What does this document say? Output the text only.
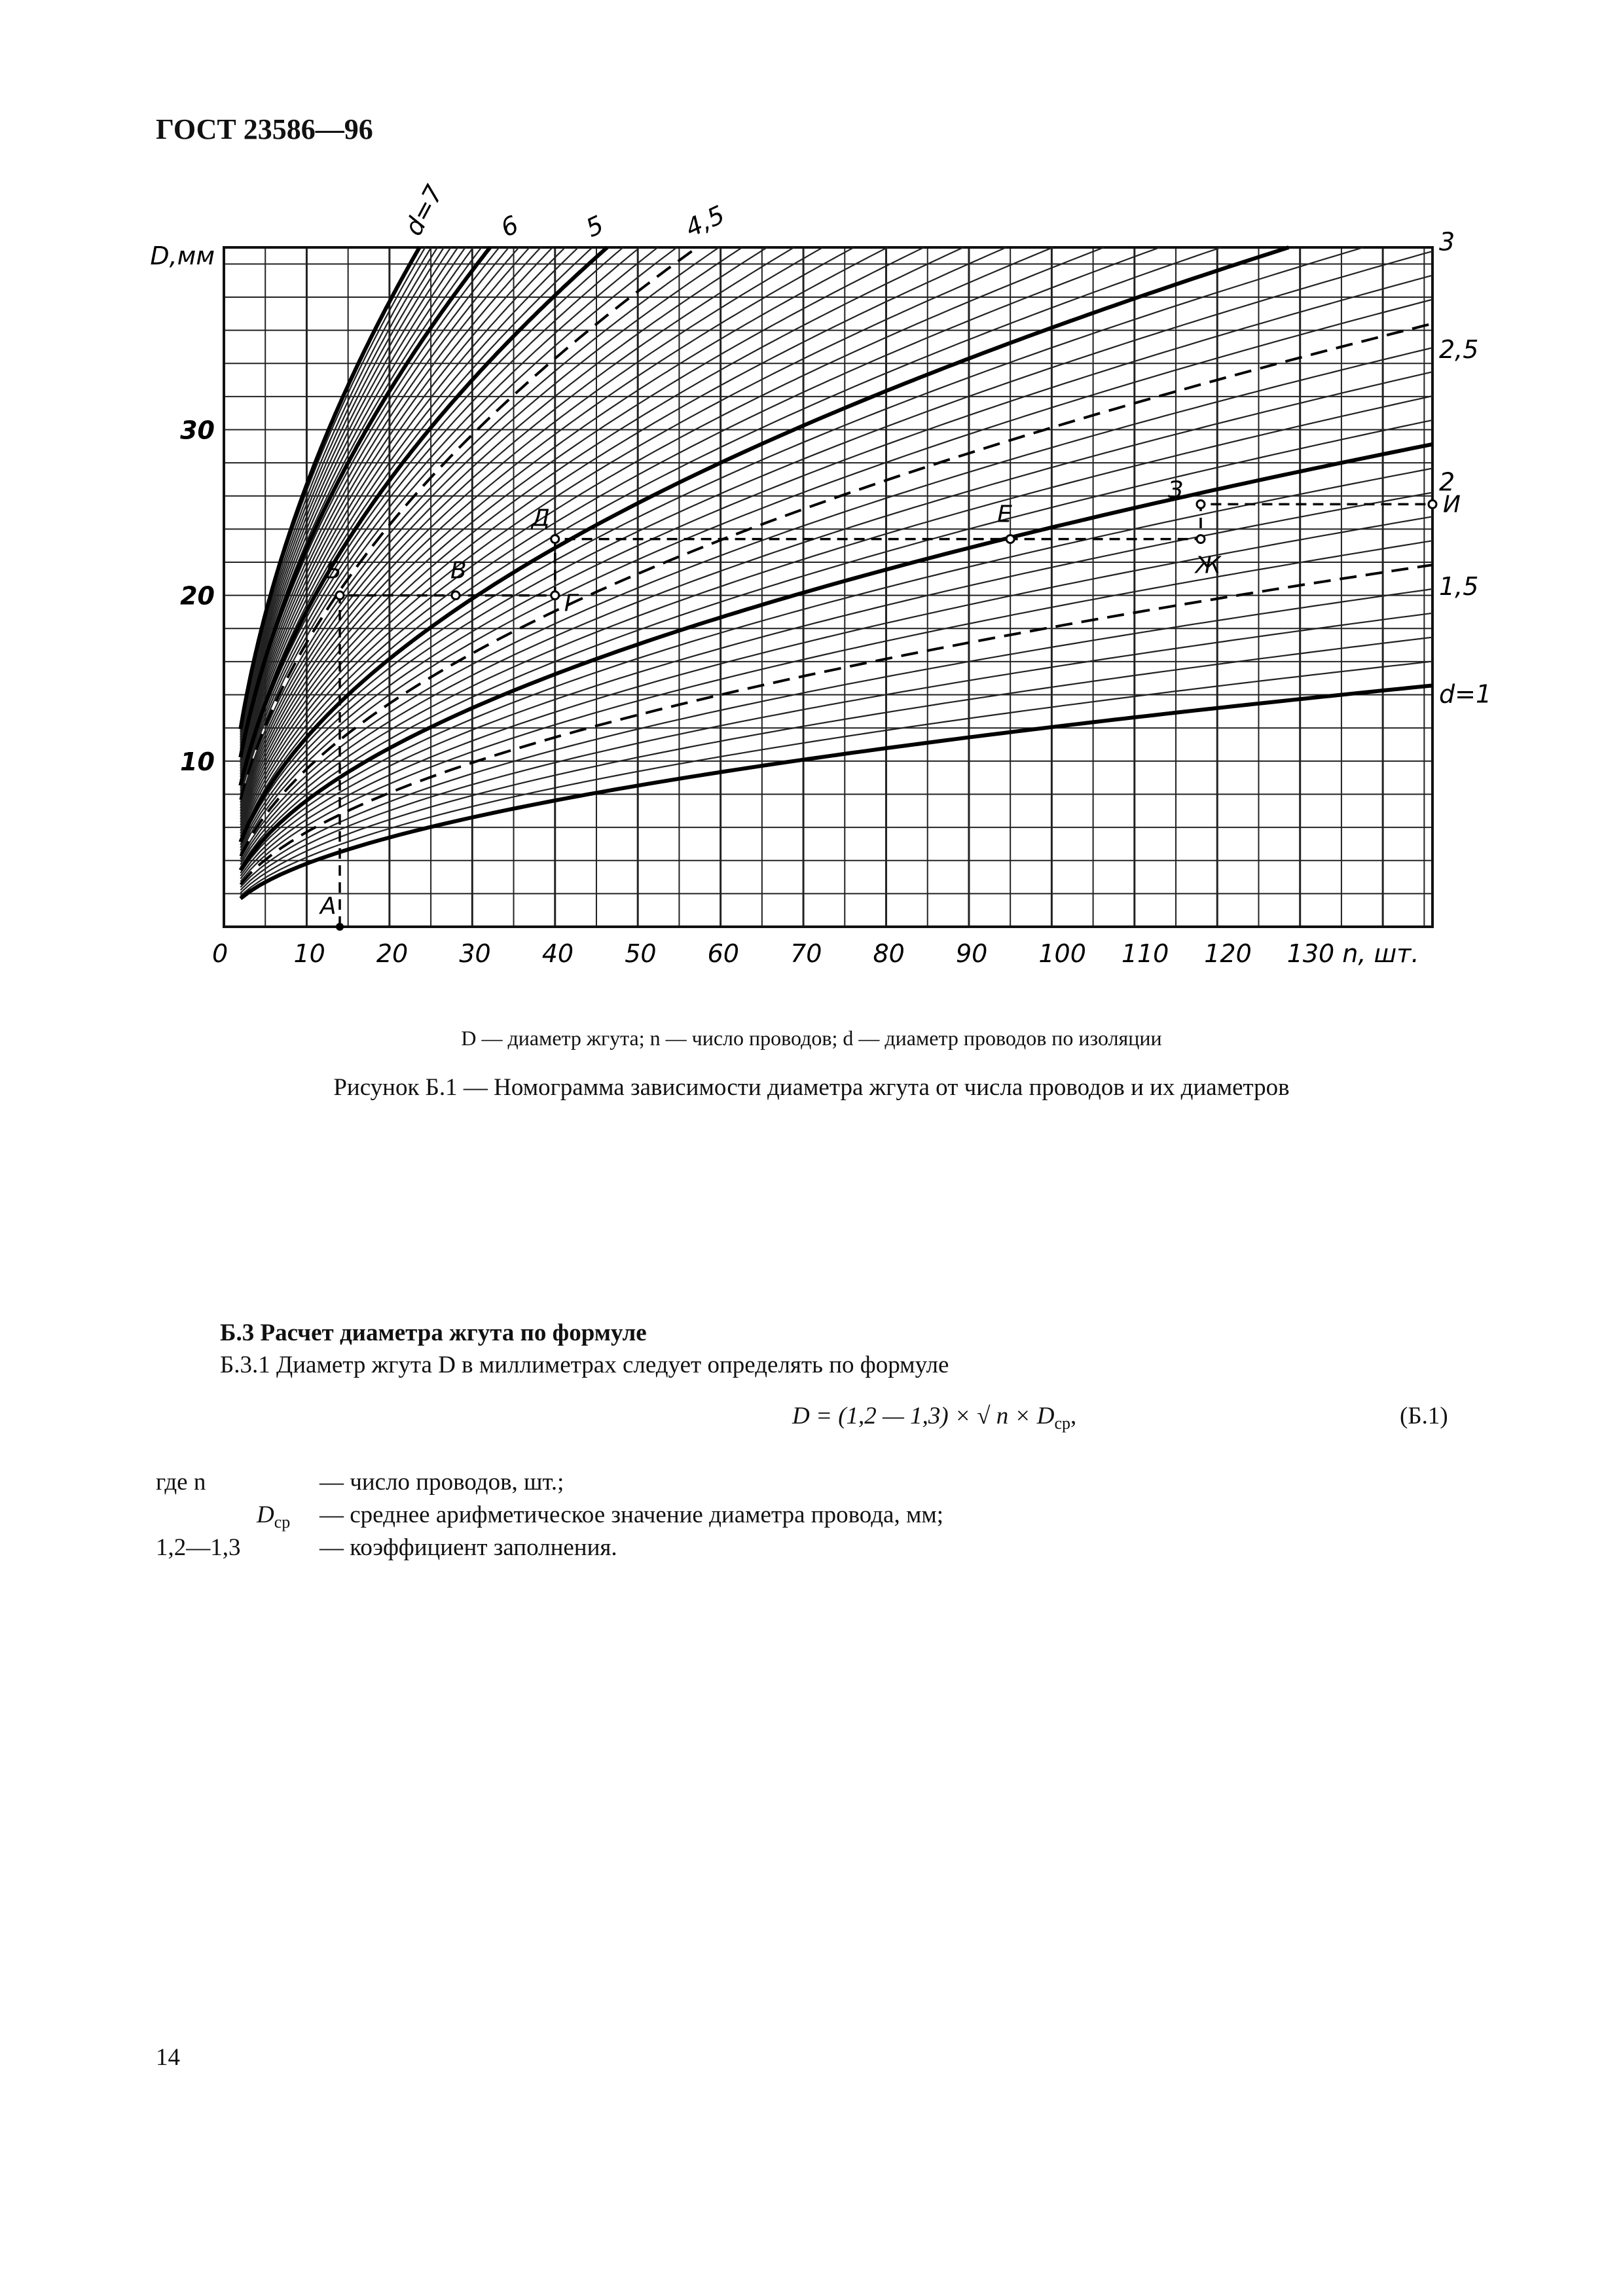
ГОСТ 23586—96
d=1
1,5
2
2,5
3
4,5
5
6
d=7
0	10 20 30 40 50 60 70 80 90 100 110 120 130 n, шт.
10
20
30
D,мм
А
Б	В
Г
Д	Е
Ж
З
И
D — диаметр жгута; n — число проводов; d — диаметр проводов по изоляции
Рисунок Б.1 — Номограмма зависимости диаметра жгута от числа проводов и их диаметров
Б.3 Расчет диаметра жгута по формуле
Б.3.1 Диаметр жгута D в миллиметрах следует определять по формуле
D = (1,2 — 1,3) × √ $n \times D_{ср}$,	(Б.1)
где n	— число проводов, шт.;
$D_{ср}$ — среднее арифметическое значение диаметра провода, мм;
1,2—1,3	— коэффициент заполнения.
14
